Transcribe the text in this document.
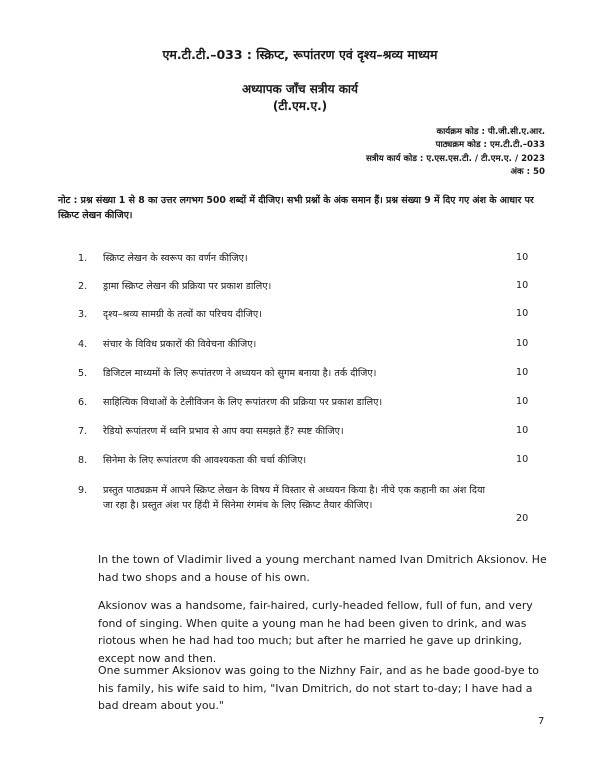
एम.टी.टी.–033 : स्क्रिप्ट, रूपांतरण एवं दृश्य–श्रव्य माध्यम
अध्यापक जाँच सत्रीय कार्य
(टी.एम.ए.)
कार्यक्रम कोड : पी.जी.सी.ए.आर.
पाठ्यक्रम कोड : एम.टी.टी.–033
सत्रीय कार्य कोड : ए.एस.एस.टी. / टी.एम.ए. / 2023
अंक : 50
नोट : प्रश्न संख्या 1 से 8 का उत्तर लगभग 500 शब्दों में दीजिए। सभी प्रश्नों के अंक समान हैं। प्रश्न संख्या 9 में दिए गए अंश के आधार पर स्क्रिप्ट लेखन कीजिए।
1. स्क्रिप्ट लेखन के स्वरूप का वर्णन कीजिए।	10
2. ड्रामा स्क्रिप्ट लेखन की प्रक्रिया पर प्रकाश डालिए।	10
3. दृश्य–श्रव्य सामग्री के तत्वों का परिचय दीजिए।	10
4. संचार के विविध प्रकारों की विवेचना कीजिए।	10
5. डिजिटल माध्यमों के लिए रूपांतरण ने अध्ययन को सुगम बनाया है। तर्क दीजिए।	10
6. साहित्यिक विधाओं के टेलीविजन के लिए रूपांतरण की प्रक्रिया पर प्रकाश डालिए।	10
7. रेडियो रूपांतरण में ध्वनि प्रभाव से आप क्या समझते हैं? स्पष्ट कीजिए।	10
8. सिनेमा के लिए रूपांतरण की आवश्यकता की चर्चा कीजिए।	10
9. प्रस्तुत पाठ्यक्रम में आपने स्क्रिप्ट लेखन के विषय में विस्तार से अध्ययन किया है। नीचे एक कहानी का अंश दिया जा रहा है। प्रस्तुत अंश पर हिंदी में सिनेमा रंगमंच के लिए स्क्रिप्ट तैयार कीजिए।
20

In the town of Vladimir lived a young merchant named Ivan Dmitrich Aksionov. He had two shops and a house of his own.

Aksionov was a handsome, fair-haired, curly-headed fellow, full of fun, and very fond of singing. When quite a young man he had been given to drink, and was riotous when he had had too much; but after he married he gave up drinking, except now and then.

One summer Aksionov was going to the Nizhny Fair, and as he bade good-bye to his family, his wife said to him, "Ivan Dmitrich, do not start to-day; I have had a bad dream about you."

7
